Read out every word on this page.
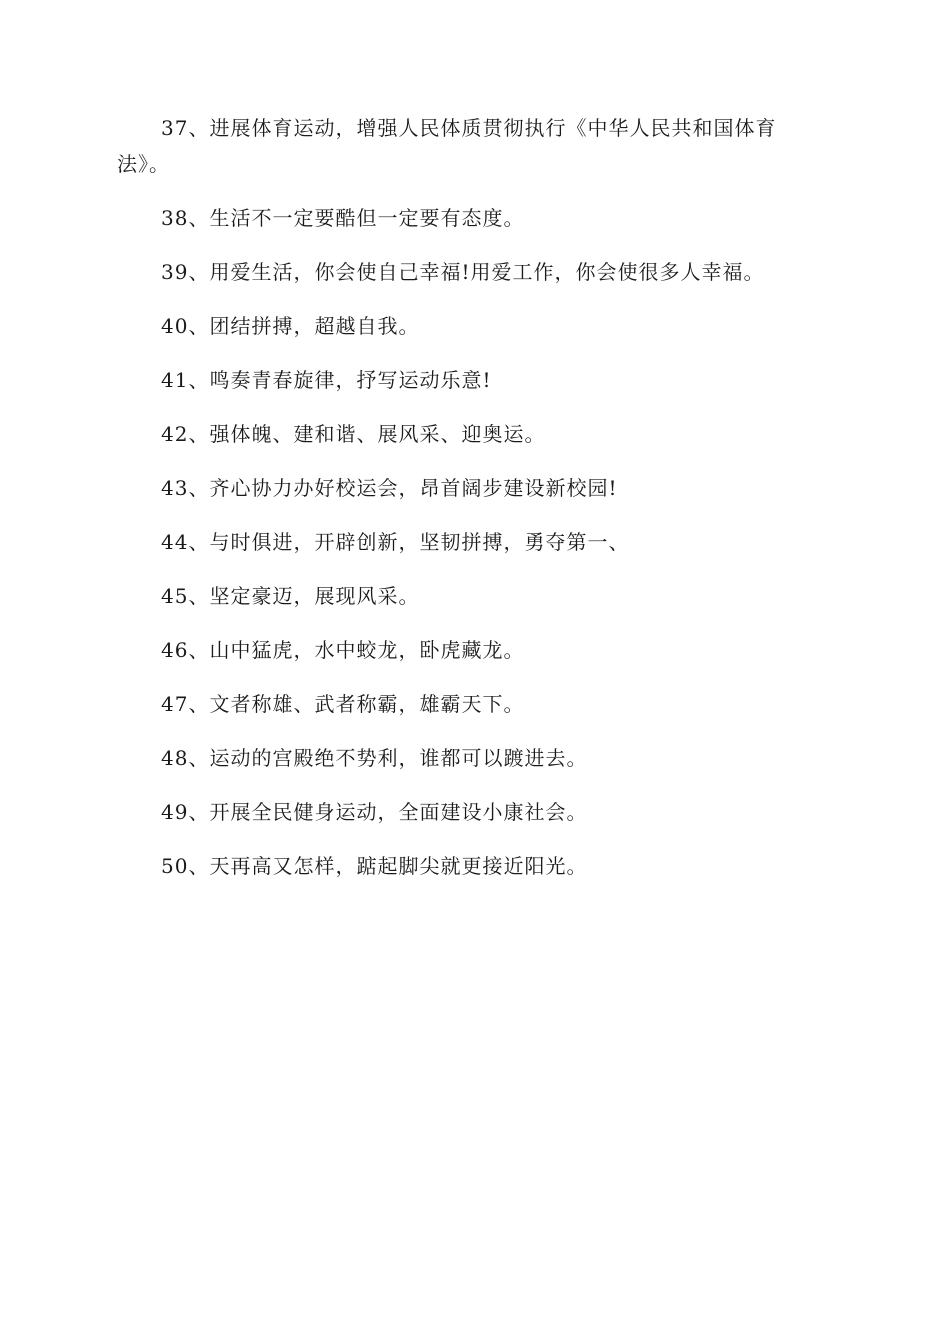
37、进展体育运动，增强人民体质贯彻执行《中华人民共和国体育法》。

38、生活不一定要酷但一定要有态度。

39、用爱生活，你会使自己幸福!用爱工作，你会使很多人幸福。

40、团结拼搏，超越自我。

41、鸣奏青春旋律，抒写运动乐意!

42、强体魄、建和谐、展风采、迎奥运。

43、齐心协力办好校运会，昂首阔步建设新校园!

44、与时俱进，开辟创新，坚韧拼搏，勇夺第一、

45、坚定豪迈，展现风采。

46、山中猛虎，水中蛟龙，卧虎藏龙。

47、文者称雄、武者称霸，雄霸天下。

48、运动的宫殿绝不势利，谁都可以踱进去。

49、开展全民健身运动，全面建设小康社会。

50、天再高又怎样，踮起脚尖就更接近阳光。
